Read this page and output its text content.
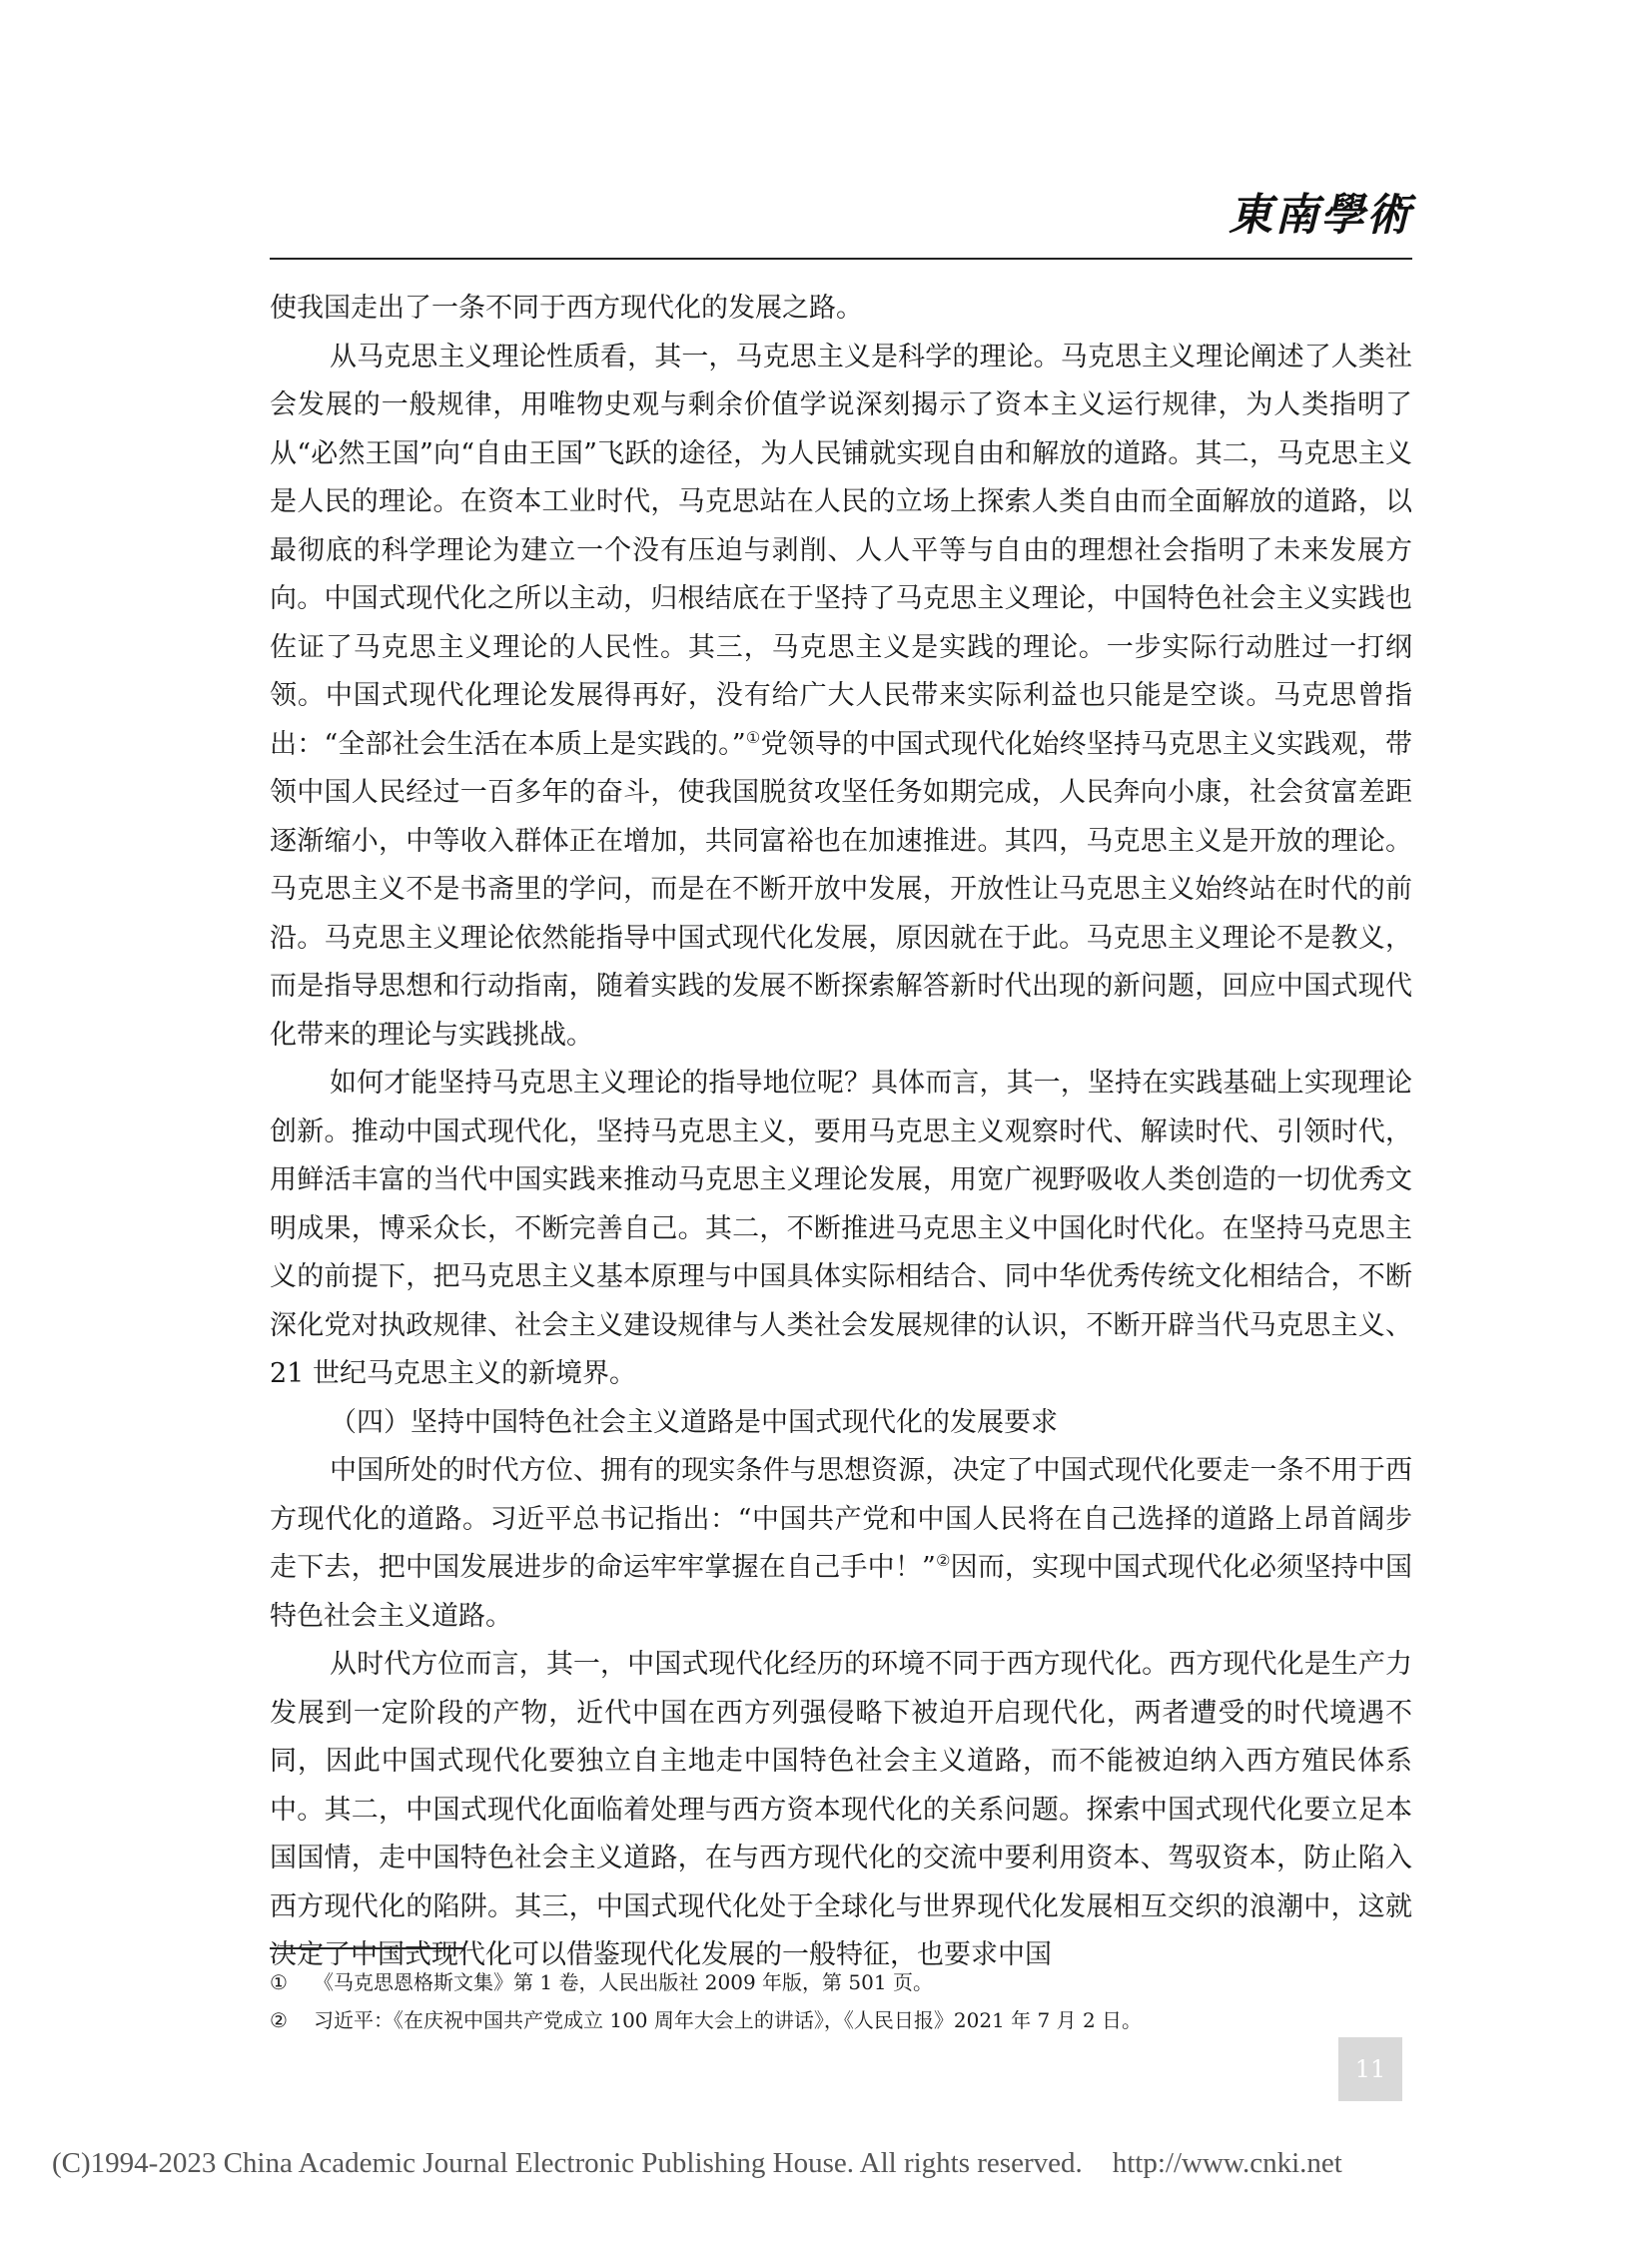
東南學術

使我国走出了一条不同于西方现代化的发展之路。

从马克思主义理论性质看，其一，马克思主义是科学的理论。马克思主义理论阐述了人类社会发展的一般规律，用唯物史观与剩余价值学说深刻揭示了资本主义运行规律，为人类指明了从“必然王国”向“自由王国”飞跃的途径，为人民铺就实现自由和解放的道路。其二，马克思主义是人民的理论。在资本工业时代，马克思站在人民的立场上探索人类自由而全面解放的道路，以最彻底的科学理论为建立一个没有压迫与剥削、人人平等与自由的理想社会指明了未来发展方向。中国式现代化之所以主动，归根结底在于坚持了马克思主义理论，中国特色社会主义实践也佐证了马克思主义理论的人民性。其三，马克思主义是实践的理论。一步实际行动胜过一打纲领。中国式现代化理论发展得再好，没有给广大人民带来实际利益也只能是空谈。马克思曾指出：“全部社会生活在本质上是实践的。”①党领导的中国式现代化始终坚持马克思主义实践观，带领中国人民经过一百多年的奋斗，使我国脱贫攻坚任务如期完成，人民奔向小康，社会贫富差距逐渐缩小，中等收入群体正在增加，共同富裕也在加速推进。其四，马克思主义是开放的理论。马克思主义不是书斋里的学问，而是在不断开放中发展，开放性让马克思主义始终站在时代的前沿。马克思主义理论依然能指导中国式现代化发展，原因就在于此。马克思主义理论不是教义，而是指导思想和行动指南，随着实践的发展不断探索解答新时代出现的新问题，回应中国式现代化带来的理论与实践挑战。

如何才能坚持马克思主义理论的指导地位呢？具体而言，其一，坚持在实践基础上实现理论创新。推动中国式现代化，坚持马克思主义，要用马克思主义观察时代、解读时代、引领时代，用鲜活丰富的当代中国实践来推动马克思主义理论发展，用宽广视野吸收人类创造的一切优秀文明成果，博采众长，不断完善自己。其二，不断推进马克思主义中国化时代化。在坚持马克思主义的前提下，把马克思主义基本原理与中国具体实际相结合、同中华优秀传统文化相结合，不断深化党对执政规律、社会主义建设规律与人类社会发展规律的认识，不断开辟当代马克思主义、21 世纪马克思主义的新境界。

（四）坚持中国特色社会主义道路是中国式现代化的发展要求

中国所处的时代方位、拥有的现实条件与思想资源，决定了中国式现代化要走一条不用于西方现代化的道路。习近平总书记指出：“中国共产党和中国人民将在自己选择的道路上昂首阔步走下去，把中国发展进步的命运牢牢掌握在自己手中！”②因而，实现中国式现代化必须坚持中国特色社会主义道路。

从时代方位而言，其一，中国式现代化经历的环境不同于西方现代化。西方现代化是生产力发展到一定阶段的产物，近代中国在西方列强侵略下被迫开启现代化，两者遭受的时代境遇不同，因此中国式现代化要独立自主地走中国特色社会主义道路，而不能被迫纳入西方殖民体系中。其二，中国式现代化面临着处理与西方资本现代化的关系问题。探索中国式现代化要立足本国国情，走中国特色社会主义道路，在与西方现代化的交流中要利用资本、驾驭资本，防止陷入西方现代化的陷阱。其三，中国式现代化处于全球化与世界现代化发展相互交织的浪潮中，这就决定了中国式现代化可以借鉴现代化发展的一般特征，也要求中国

①	《马克思恩格斯文集》第 1 卷，人民出版社 2009 年版，第 501 页。
②	习近平：《在庆祝中国共产党成立 100 周年大会上的讲话》，《人民日报》2021 年 7 月 2 日。
11
(C)1994-2023 China Academic Journal Electronic Publishing House. All rights reserved. http://www.cnki.net
